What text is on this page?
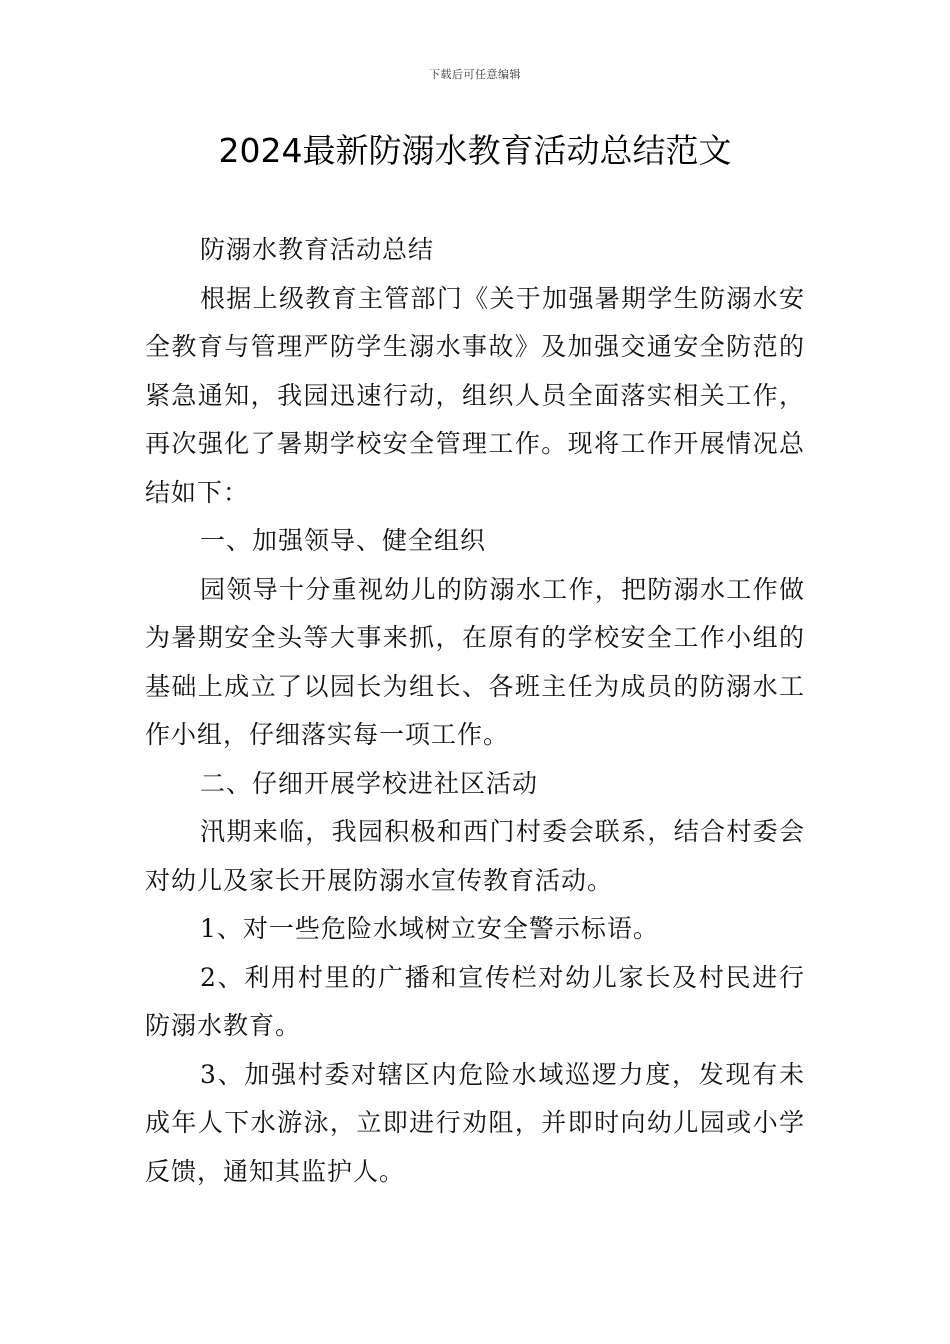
下载后可任意编辑
2024最新防溺水教育活动总结范文

防溺水教育活动总结

根据上级教育主管部门《关于加强暑期学生防溺水安全教育与管理严防学生溺水事故》及加强交通安全防范的紧急通知，我园迅速行动，组织人员全面落实相关工作，再次强化了暑期学校安全管理工作。现将工作开展情况总结如下：

一、加强领导、健全组织

园领导十分重视幼儿的防溺水工作，把防溺水工作做为暑期安全头等大事来抓，在原有的学校安全工作小组的基础上成立了以园长为组长、各班主任为成员的防溺水工作小组，仔细落实每一项工作。

二、仔细开展学校进社区活动

汛期来临，我园积极和西门村委会联系，结合村委会对幼儿及家长开展防溺水宣传教育活动。

1、对一些危险水域树立安全警示标语。

2、利用村里的广播和宣传栏对幼儿家长及村民进行防溺水教育。

3、加强村委对辖区内危险水域巡逻力度，发现有未成年人下水游泳，立即进行劝阻，并即时向幼儿园或小学反馈，通知其监护人。
